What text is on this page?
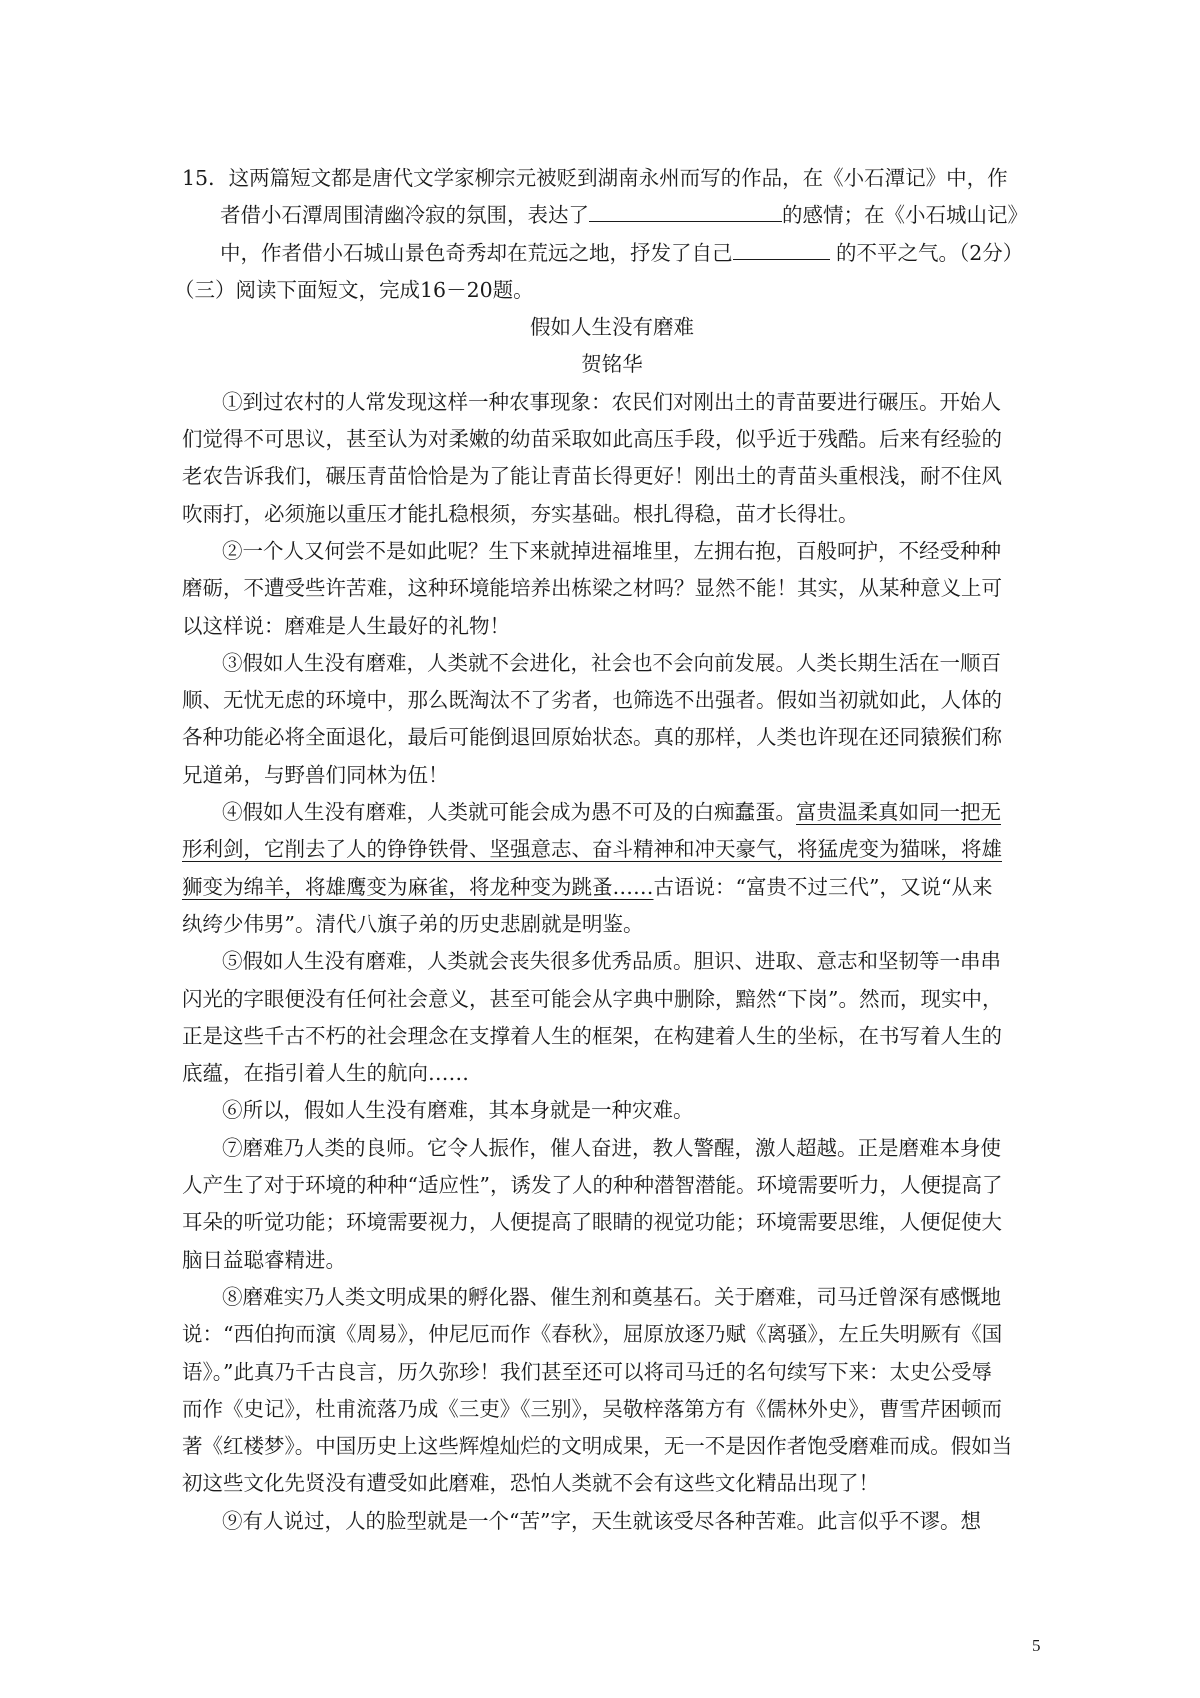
15．这两篇短文都是唐代文学家柳宗元被贬到湖南永州而写的作品，在《小石潭记》中，作
者借小石潭周围清幽冷寂的氛围，表达了	的感情；在《小石城山记》
中，作者借小石城山景色奇秀却在荒远之地，抒发了自己	的不平之气。（2分）
（三）阅读下面短文，完成16－20题。
假如人生没有磨难
贺铭华
①到过农村的人常发现这样一种农事现象：农民们对刚出土的青苗要进行碾压。开始人
们觉得不可思议，甚至认为对柔嫩的幼苗采取如此高压手段，似乎近于残酷。后来有经验的
老农告诉我们，碾压青苗恰恰是为了能让青苗长得更好！刚出土的青苗头重根浅，耐不住风
吹雨打，必须施以重压才能扎稳根须，夯实基础。根扎得稳，苗才长得壮。
②一个人又何尝不是如此呢？生下来就掉进福堆里，左拥右抱，百般呵护，不经受种种
磨砺，不遭受些许苦难，这种环境能培养出栋梁之材吗？显然不能！其实，从某种意义上可
以这样说：磨难是人生最好的礼物！
③假如人生没有磨难，人类就不会进化，社会也不会向前发展。人类长期生活在一顺百
顺、无忧无虑的环境中，那么既淘汰不了劣者，也筛选不出强者。假如当初就如此，人体的
各种功能必将全面退化，最后可能倒退回原始状态。真的那样，人类也许现在还同猿猴们称
兄道弟，与野兽们同林为伍！
④假如人生没有磨难，人类就可能会成为愚不可及的白痴蠢蛋。富贵温柔真如同一把无
形利剑，它削去了人的铮铮铁骨、坚强意志、奋斗精神和冲天豪气，将猛虎变为猫咪，将雄
狮变为绵羊，将雄鹰变为麻雀，将龙种变为跳蚤……古语说：“富贵不过三代”，又说“从来
纨绔少伟男”。清代八旗子弟的历史悲剧就是明鉴。
⑤假如人生没有磨难，人类就会丧失很多优秀品质。胆识、进取、意志和坚韧等一串串
闪光的字眼便没有任何社会意义，甚至可能会从字典中删除，黯然“下岗”。然而，现实中，
正是这些千古不朽的社会理念在支撑着人生的框架，在构建着人生的坐标，在书写着人生的
底蕴，在指引着人生的航向……
⑥所以，假如人生没有磨难，其本身就是一种灾难。
⑦磨难乃人类的良师。它令人振作，催人奋进，教人警醒，激人超越。正是磨难本身使
人产生了对于环境的种种“适应性”，诱发了人的种种潜智潜能。环境需要听力，人便提高了
耳朵的听觉功能；环境需要视力，人便提高了眼睛的视觉功能；环境需要思维，人便促使大
脑日益聪睿精进。
⑧磨难实乃人类文明成果的孵化器、催生剂和奠基石。关于磨难，司马迁曾深有感慨地
说：“西伯拘而演《周易》，仲尼厄而作《春秋》，屈原放逐乃赋《离骚》，左丘失明厥有《国
语》。”此真乃千古良言，历久弥珍！我们甚至还可以将司马迁的名句续写下来：太史公受辱
而作《史记》，杜甫流落乃成《三吏》《三别》，吴敬梓落第方有《儒林外史》，曹雪芹困顿而
著《红楼梦》。中国历史上这些辉煌灿烂的文明成果，无一不是因作者饱受磨难而成。假如当
初这些文化先贤没有遭受如此磨难，恐怕人类就不会有这些文化精品出现了！
⑨有人说过，人的脸型就是一个“苦”字，天生就该受尽各种苦难。此言似乎不谬。想
5
